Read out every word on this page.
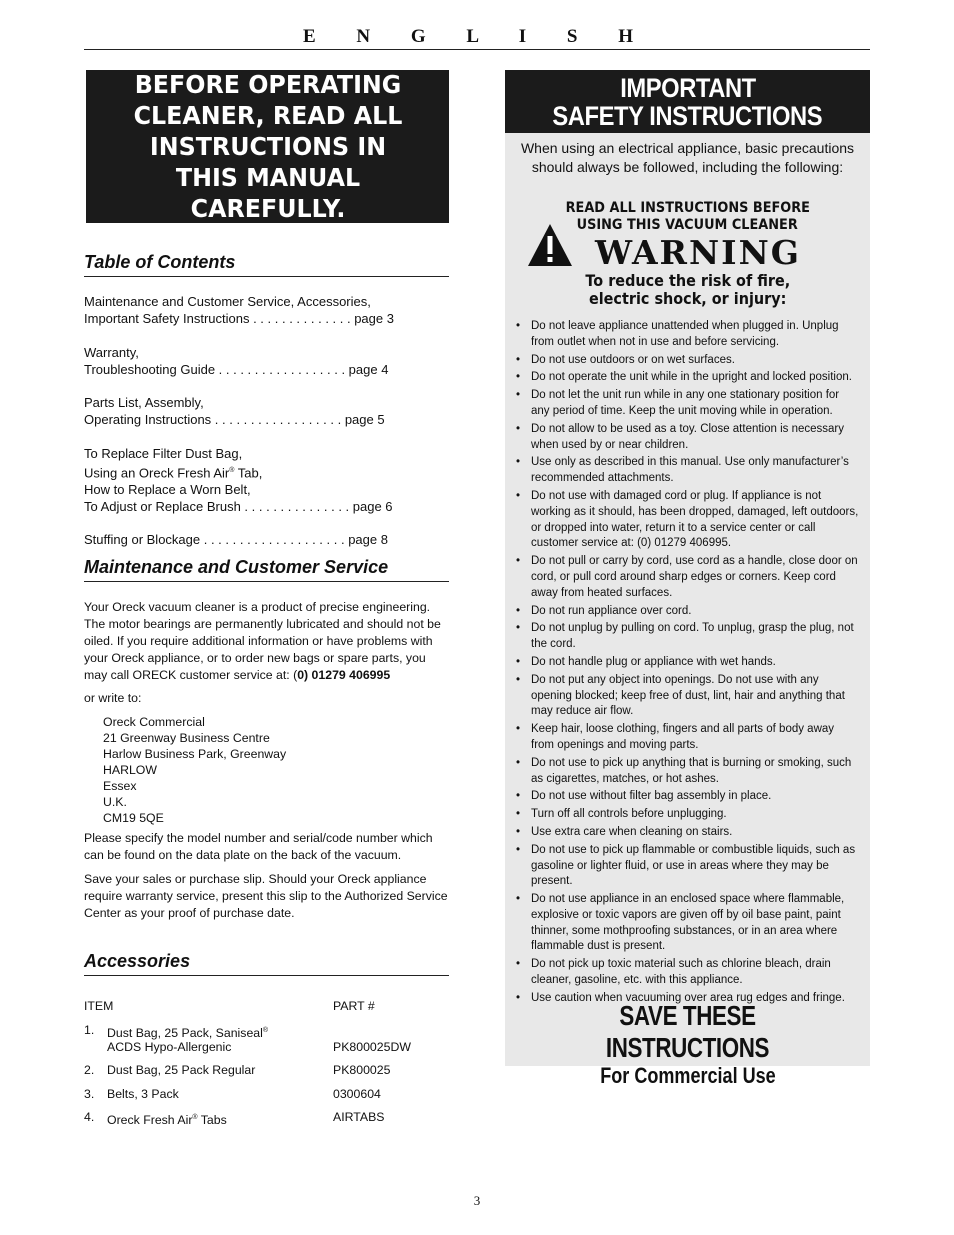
E N G L I S H
BEFORE OPERATING CLEANER, READ ALL INSTRUCTIONS IN THIS MANUAL CAREFULLY.
Table of Contents
Maintenance and Customer Service, Accessories,
Important Safety Instructions . . . . . . . . . . . . . . page 3
Warranty,
Troubleshooting Guide . . . . . . . . . . . . . . . . . . page 4
Parts List, Assembly,
Operating Instructions . . . . . . . . . . . . . . . . . . page 5
To Replace Filter Dust Bag,
Using an Oreck Fresh Air® Tab,
How to Replace a Worn Belt,
To Adjust or Replace Brush . . . . . . . . . . . . . . . page 6
Stuffing or Blockage . . . . . . . . . . . . . . . . . . . . page 8
Maintenance and Customer Service
Your Oreck vacuum cleaner is a product of precise engineering. The motor bearings are permanently lubricated and should not be oiled. If you require additional information or have problems with your Oreck appliance, or to order new bags or spare parts, you may call ORECK customer service at: (0) 01279 406995
or write to:
Oreck Commercial
21 Greenway Business Centre
Harlow Business Park, Greenway
HARLOW
Essex
U.K.
CM19 5QE
Please specify the model number and serial/code number which can be found on the data plate on the back of the vacuum.
Save your sales or purchase slip. Should your Oreck appliance require warranty service, present this slip to the Authorized Service Center as your proof of purchase date.
Accessories
ITEM	PART #
1. Dust Bag, 25 Pack, Saniseal®
ACDS Hypo-Allergenic	PK800025DW
2. Dust Bag, 25 Pack Regular	PK800025
3. Belts, 3 Pack	0300604
4. Oreck Fresh Air® Tabs	AIRTABS
IMPORTANT
SAFETY INSTRUCTIONS
When using an electrical appliance, basic precautions should always be followed, including the following:
READ ALL INSTRUCTIONS BEFORE
USING THIS VACUUM CLEANER
WARNING
To reduce the risk of fire,
electric shock, or injury:
• Do not leave appliance unattended when plugged in. Unplug from outlet when not in use and before servicing.
• Do not use outdoors or on wet surfaces.
• Do not operate the unit while in the upright and locked position.
• Do not let the unit run while in any one stationary position for any period of time. Keep the unit moving while in operation.
• Do not allow to be used as a toy. Close attention is necessary when used by or near children.
• Use only as described in this manual. Use only manufacturer’s recommended attachments.
• Do not use with damaged cord or plug. If appliance is not working as it should, has been dropped, damaged, left outdoors, or dropped into water, return it to a service center or call customer service at: (0) 01279 406995.
• Do not pull or carry by cord, use cord as a handle, close door on cord, or pull cord around sharp edges or corners. Keep cord away from heated surfaces.
• Do not run appliance over cord.
• Do not unplug by pulling on cord. To unplug, grasp the plug, not the cord.
• Do not handle plug or appliance with wet hands.
• Do not put any object into openings. Do not use with any opening blocked; keep free of dust, lint, hair and anything that may reduce air flow.
• Keep hair, loose clothing, fingers and all parts of body away from openings and moving parts.
• Do not use to pick up anything that is burning or smoking, such as cigarettes, matches, or hot ashes.
• Do not use without filter bag assembly in place.
• Turn off all controls before unplugging.
• Use extra care when cleaning on stairs.
• Do not use to pick up flammable or combustible liquids, such as gasoline or lighter fluid, or use in areas where they may be present.
• Do not use appliance in an enclosed space where flammable, explosive or toxic vapors are given off by oil base paint, paint thinner, some mothproofing substances, or in an area where flammable dust is present.
• Do not pick up toxic material such as chlorine bleach, drain cleaner, gasoline, etc. with this appliance.
• Use caution when vacuuming over area rug edges and fringe.
SAVE THESE INSTRUCTIONS
For Commercial Use
3
